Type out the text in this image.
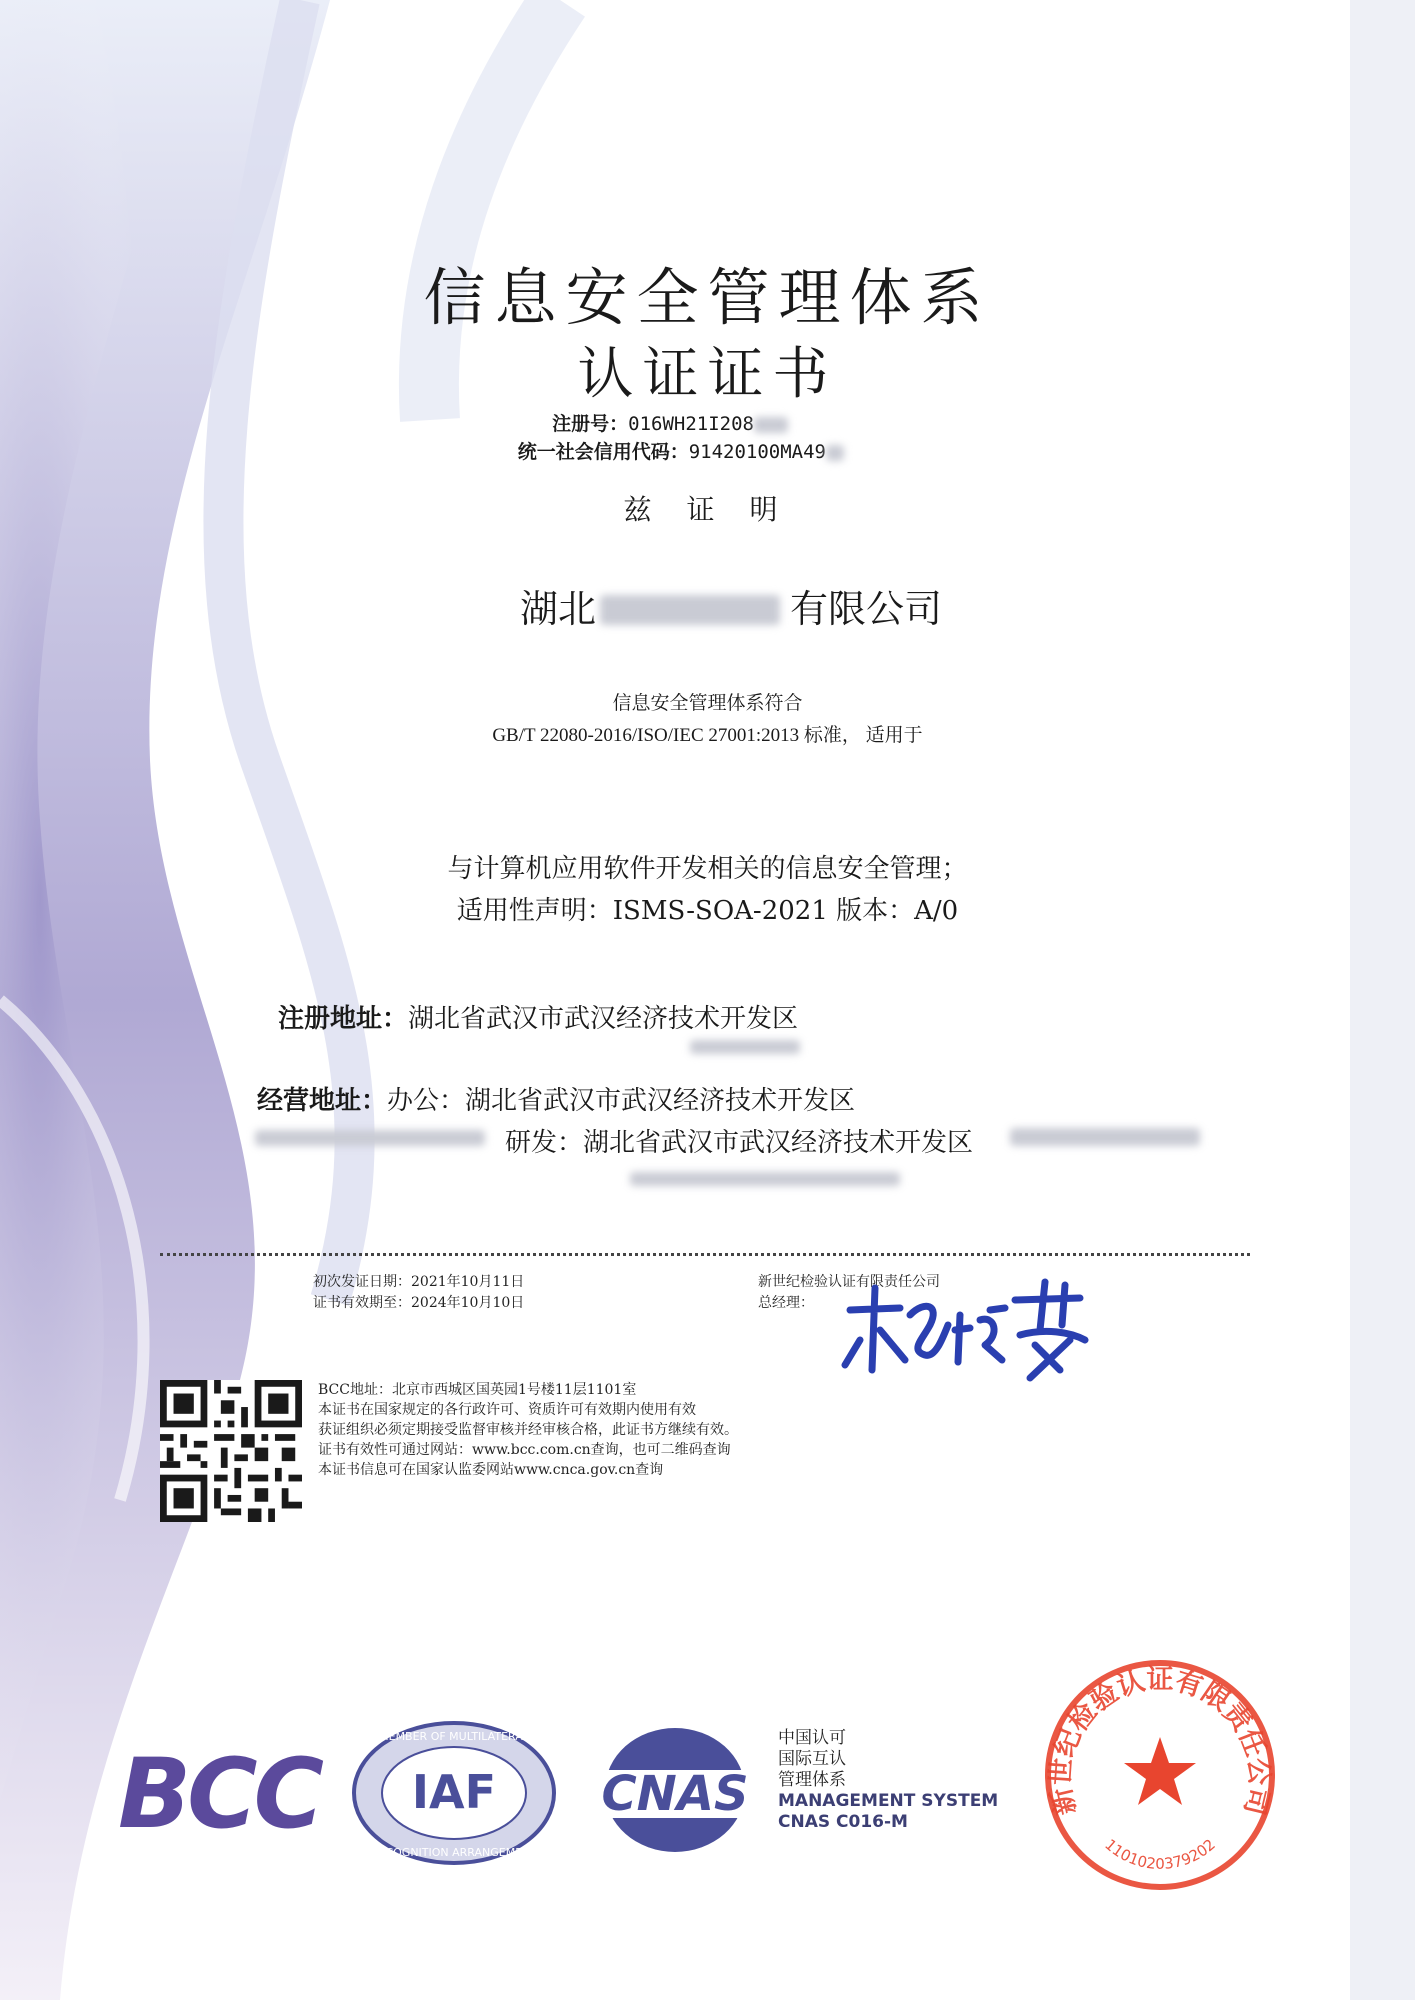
信息安全管理体系
认证证书
注册号：016WH21I208
统一社会信用代码：91420100MA49
兹 证 明
湖北	有限公司
信息安全管理体系符合
GB/T 22080-2016/ISO/IEC 27001:2013 标准， 适用于
与计算机应用软件开发相关的信息安全管理；
适用性声明：ISMS-SOA-2021 版本：A/0
注册地址：湖北省武汉市武汉经济技术开发区
经营地址：办公：湖北省武汉市武汉经济技术开发区
研发：湖北省武汉市武汉经济技术开发区
初次发证日期：2021年10月11日
证书有效期至：2024年10月10日
新世纪检验认证有限责任公司
总经理：
BCC地址：北京市西城区国英园1号楼11层1101室
本证书在国家规定的各行政许可、资质许可有效期内使用有效
获证组织必须定期接受监督审核并经审核合格，此证书方继续有效。
证书有效性可通过网站：www.bcc.com.cn查询，也可二维码查询
本证书信息可在国家认监委网站www.cnca.gov.cn查询
BCC IAF
MEMBER OF MULTILATERAL
RECOGNITION ARRANGEMENT
CNAS
中国认可
国际互认
管理体系
MANAGEMENT SYSTEM
CNAS C016-M
新世纪检验认证有限责任公司
1101020379202
